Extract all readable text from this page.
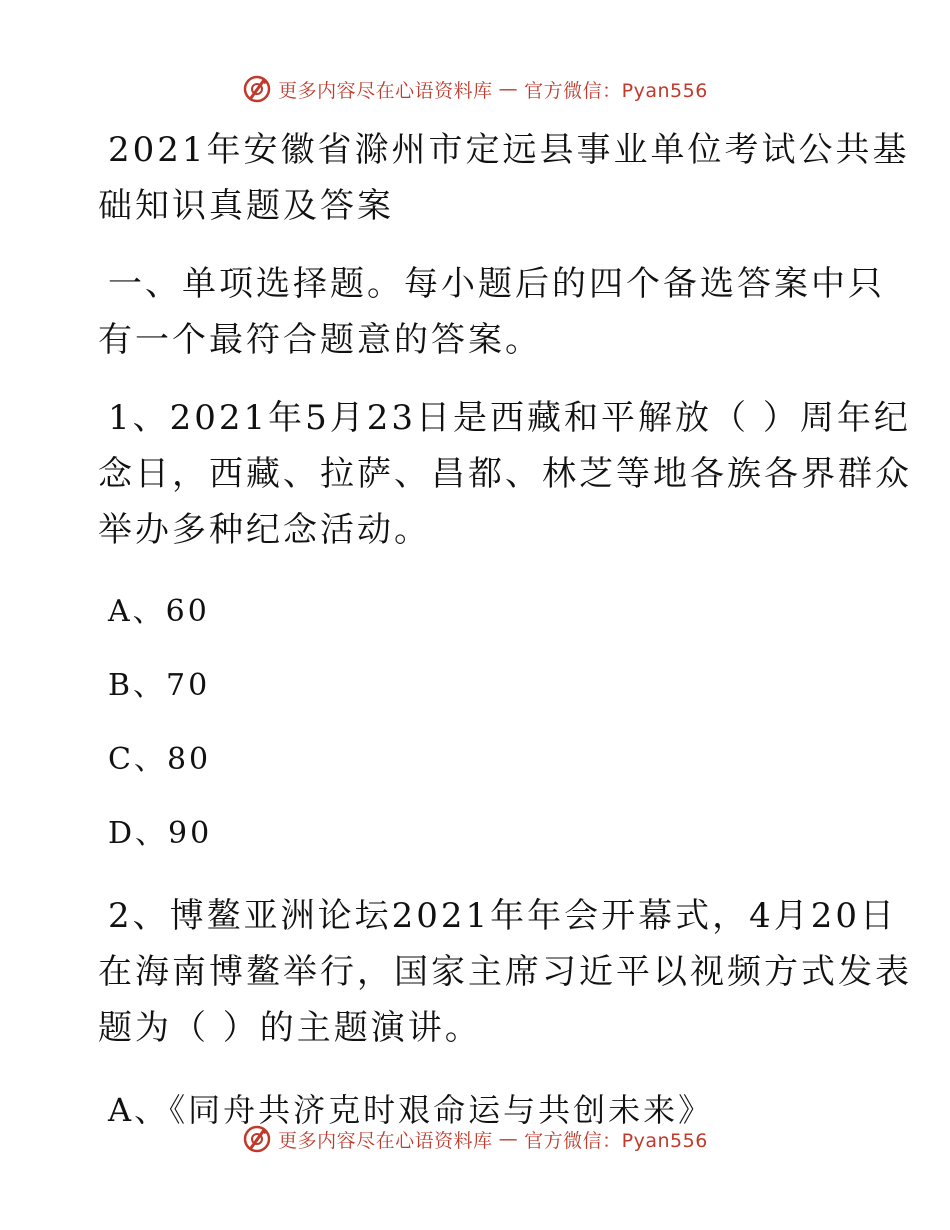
更多内容尽在心语资料库 — 官方微信：Pyan556
2021年安徽省滁州市定远县事业单位考试公共基
础知识真题及答案
一、单项选择题。每小题后的四个备选答案中只
有一个最符合题意的答案。
1、2021年5月23日是西藏和平解放（ ）周年纪
念日，西藏、拉萨、昌都、林芝等地各族各界群众
举办多种纪念活动。
A、60
B、70
C、80
D、90
2、博鳌亚洲论坛2021年年会开幕式，4月20日
在海南博鳌举行，国家主席习近平以视频方式发表
题为（ ）的主题演讲。
A、《同舟共济克时艰命运与共创未来》
更多内容尽在心语资料库 — 官方微信：Pyan556
